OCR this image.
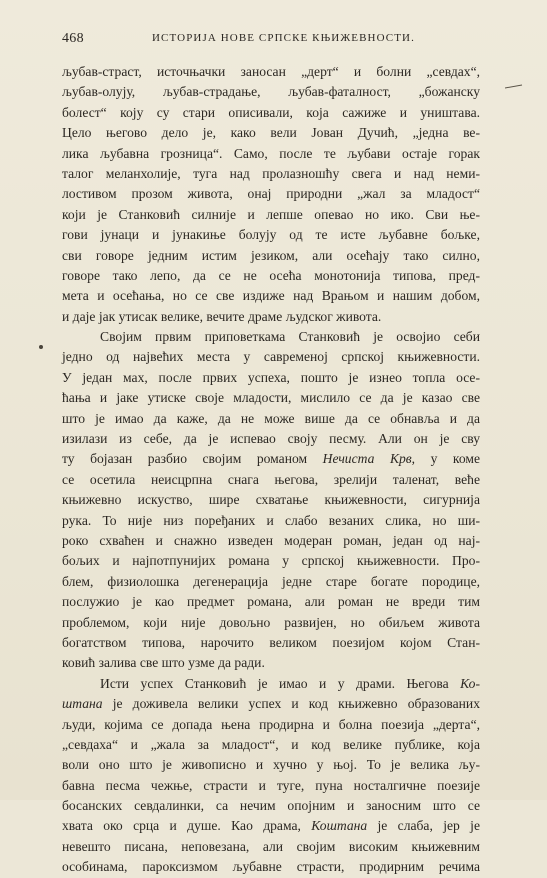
468	ИСТОРИЈА НОВЕ СРПСКЕ КЊИЖЕВНОСТИ.
љубав-страст, источњачки заносан „дерт“ и болни „севдах“,
љубав-олују, љубав-страдање, љубав-фаталност, „божанску
болест“ коју су стари описивали, која сажиже и уништава.
Цело његово дело је, како вели Јован Дучић, „једна ве-
лика љубавна грозница“. Само, после те љубави остаје горак
талог меланхолије, туга над пролазношћу свега и над неми-
лостивом прозом живота, онај природни „жал за младост“
који је Станковић силније и лепше опевао но ико. Сви ње-
гови јунаци и јунакиње болују од те исте љубавне бољке,
сви говоре једним истим језиком, али осећају тако силно,
говоре тако лепо, да се не осећа монотонија типова, пред-
мета и осећања, но се све издиже над Врањом и нашим добом,
и даје јак утисак велике, вечите драме људског живота.
Својим првим приповеткама Станковић је освојио себи
једно од највећих места у савременој српској књижевности.
У један мах, после првих успеха, пошто је изнео топла осе-
ћања и јаке утиске своје младости, мислило се да је казао све
што је имао да каже, да не може више да се обнавља и да
изилази из себе, да је испевао своју песму. Али он је сву
ту бојазан разбио својим романом Нечиста Крв, у коме
се осетила неисцрпна снага његова, зрелији таленат, веће
књижевно искуство, шире схватање књижевности, сигурнија
рука. То није низ поређаних и слабо везаних слика, но ши-
роко схваћен и снажно изведен модеран роман, један од нај-
бољих и најпотпунијих романа у српској књижевности. Про-
блем, физиолошка дегенерација једне старе богате породице,
послужио је као предмет романа, али роман не вреди тим
проблемом, који није довољно развијен, но обиљем живота
богатством типова, нарочито великом поезијом којом Стан-
ковић залива све што узме да ради.
Исти успех Станковић је имао и у драми. Његова Ко-
штана је доживела велики успех и код књижевно образованих
људи, којима се допада њена продирна и болна поезија „дерта“,
„севдаха“ и „жала за младост“, и код велике публике, која
воли оно што је живописно и хучно у њој. То је велика љу-
бавна песма чежње, страсти и туге, пуна носталгичне поезије
босанских севдалинки, са нечим опојним и заносним што се
хвата око срца и душе. Као драма, Коштана је слаба, јер је
невешто писана, неповезана, али својим високим књижевним
особинама, пароксизмом љубавне страсти, продирним речима
